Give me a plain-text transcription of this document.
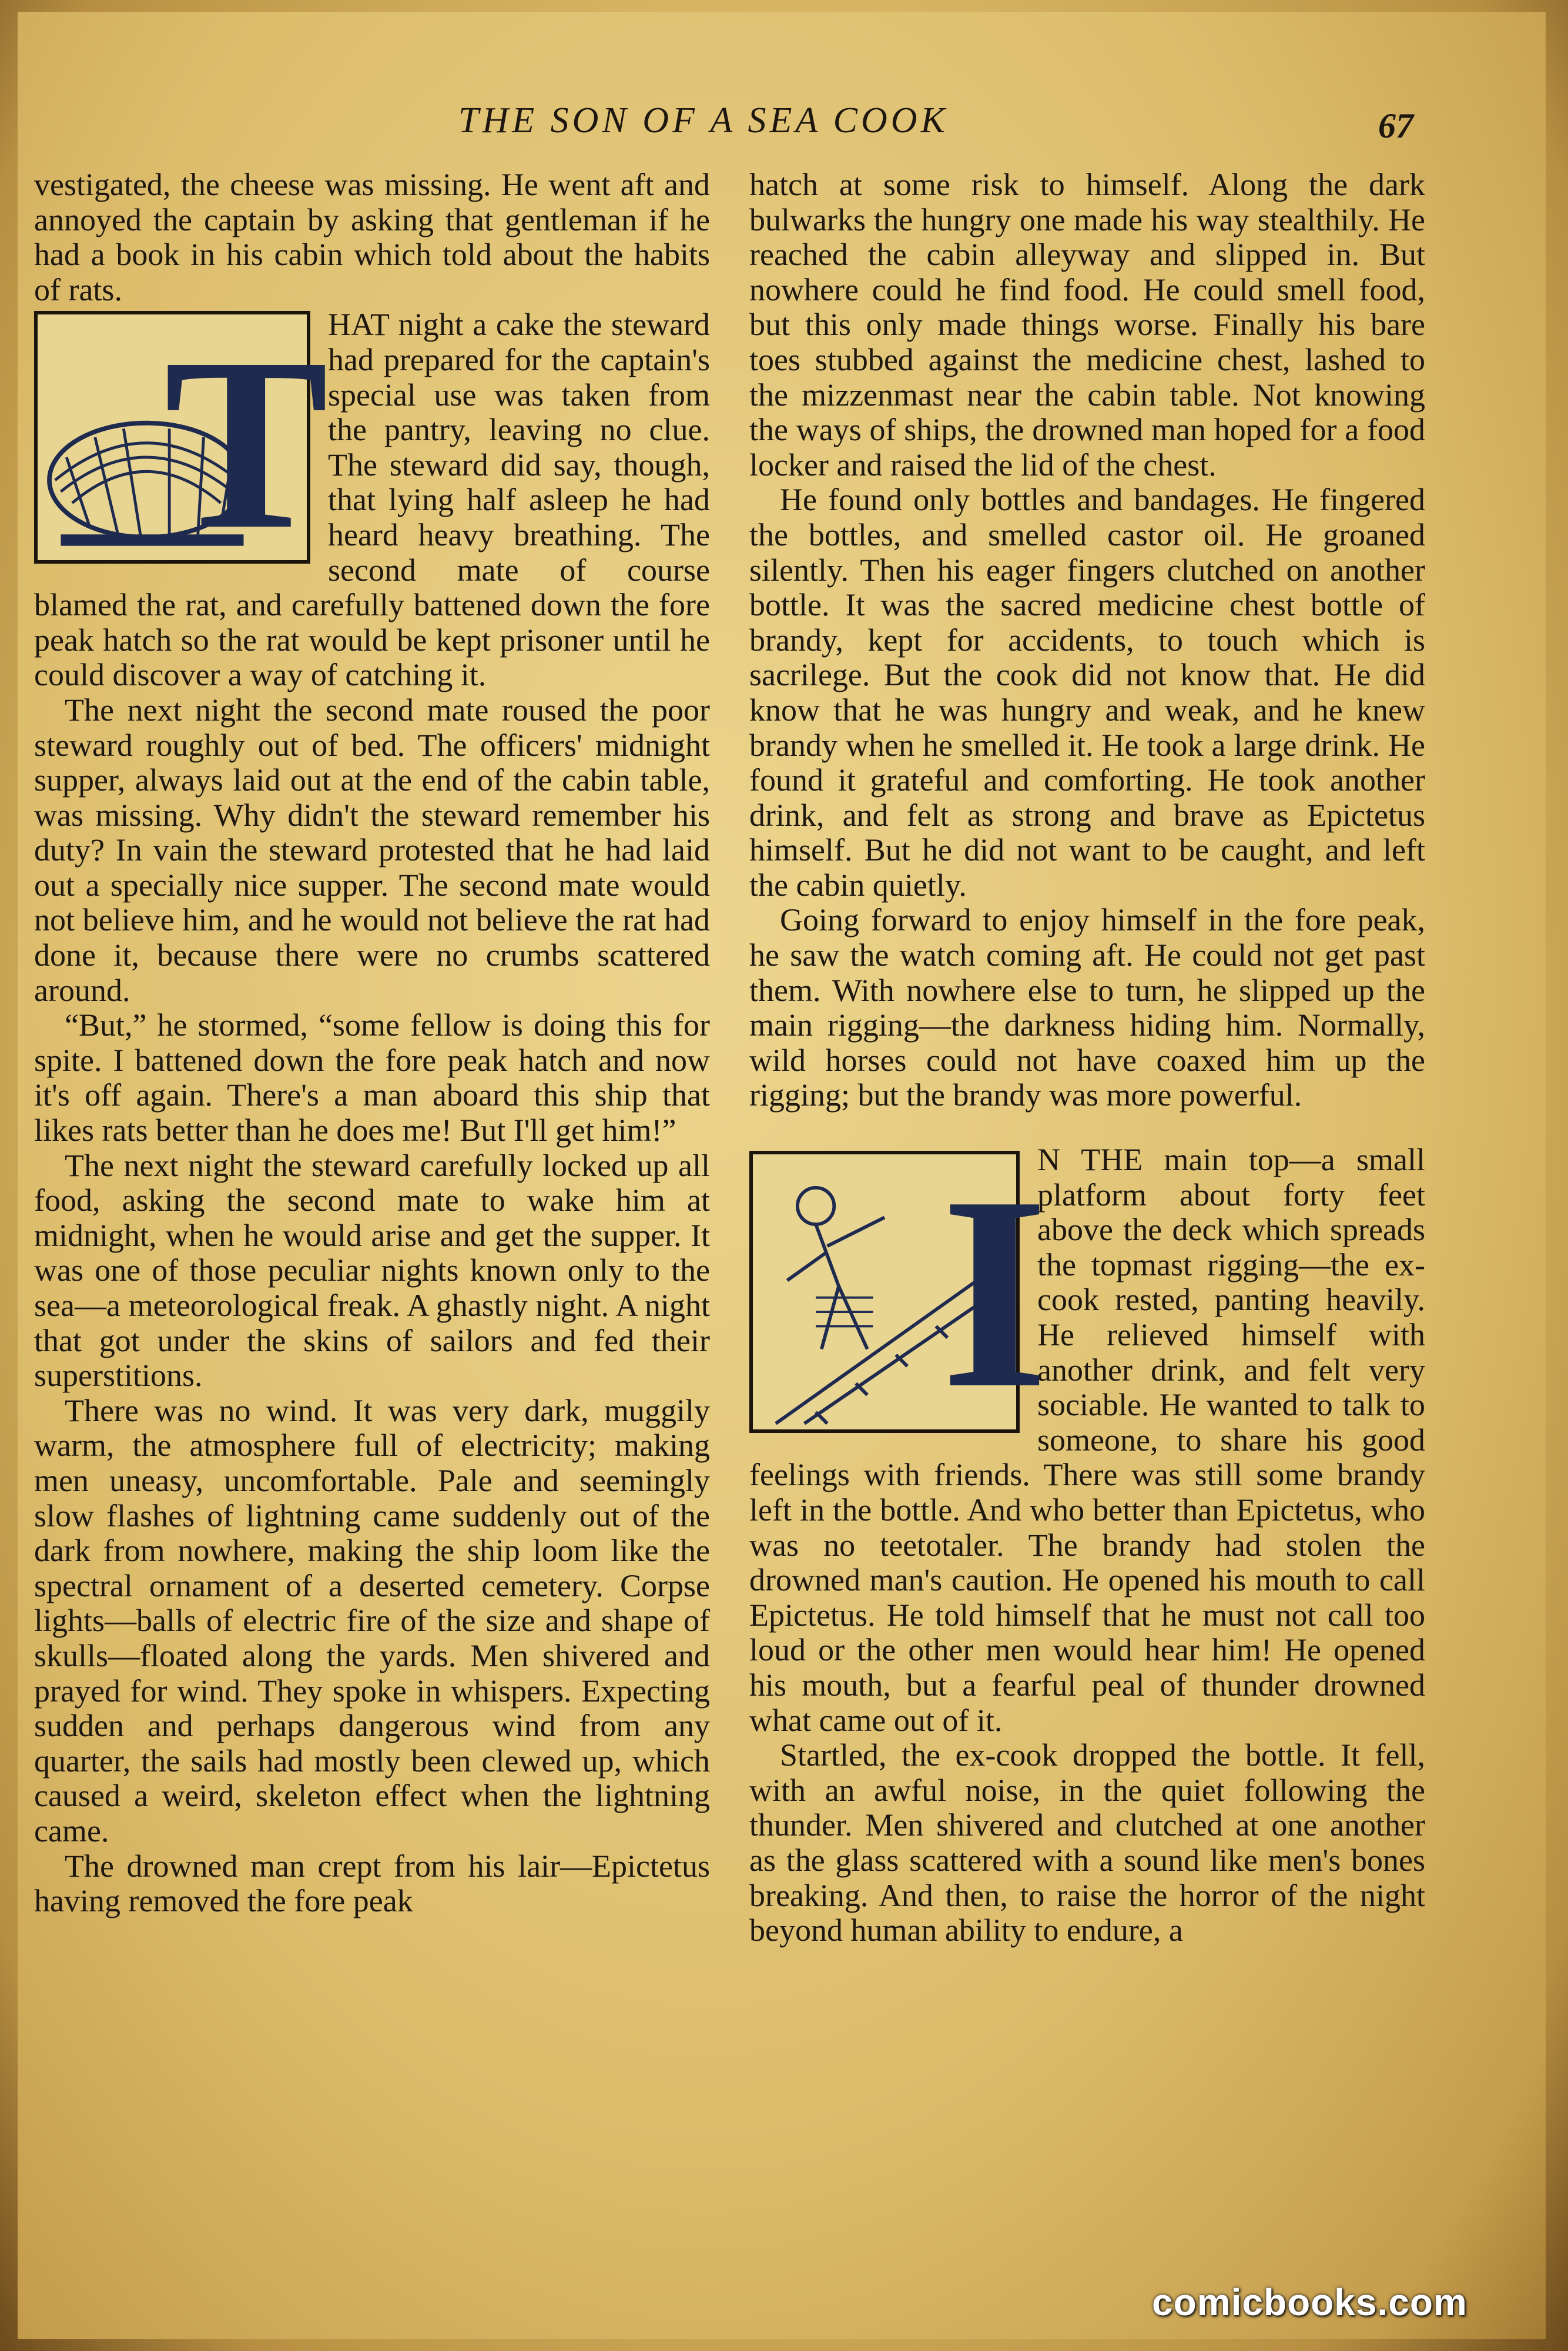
THE SON OF A SEA COOK	67

vestigated, the cheese was missing. He went aft and annoyed the captain by asking that gentleman if he had a book in his cabin which told about the habits of rats.

T

HAT night a cake the steward had prepared for the captain's special use was taken from the pantry, leaving no clue. The steward did say, though, that lying half asleep he had heard heavy breathing. The second mate of course blamed the rat, and carefully battened down the fore peak hatch so the rat would be kept prisoner until he could discover a way of catching it.

The next night the second mate roused the poor steward roughly out of bed. The officers' midnight supper, always laid out at the end of the cabin table, was missing. Why didn't the steward remember his duty? In vain the steward protested that he had laid out a specially nice supper. The second mate would not believe him, and he would not believe the rat had done it, because there were no crumbs scattered around.

“But,” he stormed, “some fellow is doing this for spite. I battened down the fore peak hatch and now it's off again. There's a man aboard this ship that likes rats better than he does me! But I'll get him!”

The next night the steward carefully locked up all food, asking the second mate to wake him at midnight, when he would arise and get the supper. It was one of those peculiar nights known only to the sea—a meteorological freak. A ghastly night. A night that got under the skins of sailors and fed their superstitions.

There was no wind. It was very dark, muggily warm, the atmosphere full of electricity; making men uneasy, uncomfortable. Pale and seemingly slow flashes of lightning came suddenly out of the dark from nowhere, making the ship loom like the spectral ornament of a deserted cemetery. Corpse lights—balls of electric fire of the size and shape of skulls—floated along the yards. Men shivered and prayed for wind. They spoke in whispers. Expecting sudden and perhaps dangerous wind from any quarter, the sails had mostly been clewed up, which caused a weird, skeleton effect when the lightning came.

The drowned man crept from his lair—Epictetus having removed the fore peak

hatch at some risk to himself. Along the dark bulwarks the hungry one made his way stealthily. He reached the cabin alleyway and slipped in. But nowhere could he find food. He could smell food, but this only made things worse. Finally his bare toes stubbed against the medicine chest, lashed to the mizzenmast near the cabin table. Not knowing the ways of ships, the drowned man hoped for a food locker and raised the lid of the chest.

He found only bottles and bandages. He fingered the bottles, and smelled castor oil. He groaned silently. Then his eager fingers clutched on another bottle. It was the sacred medicine chest bottle of brandy, kept for accidents, to touch which is sacrilege. But the cook did not know that. He did know that he was hungry and weak, and he knew brandy when he smelled it. He took a large drink. He found it grateful and comforting. He took another drink, and felt as strong and brave as Epictetus himself. But he did not want to be caught, and left the cabin quietly.

Going forward to enjoy himself in the fore peak, he saw the watch coming aft. He could not get past them. With nowhere else to turn, he slipped up the main rigging—the darkness hiding him. Normally, wild horses could not have coaxed him up the rigging; but the brandy was more powerful.

I

N THE main top—a small platform about forty feet above the deck which spreads the topmast rigging—the ex-cook rested, panting heavily. He relieved himself with another drink, and felt very sociable. He wanted to talk to someone, to share his good feelings with friends. There was still some brandy left in the bottle. And who better than Epictetus, who was no teetotaler. The brandy had stolen the drowned man's caution. He opened his mouth to call Epictetus. He told himself that he must not call too loud or the other men would hear him! He opened his mouth, but a fearful peal of thunder drowned what came out of it.

Startled, the ex-cook dropped the bottle. It fell, with an awful noise, in the quiet following the thunder. Men shivered and clutched at one another as the glass scattered with a sound like men's bones breaking. And then, to raise the horror of the night beyond human ability to endure, a

comicbooks.com
